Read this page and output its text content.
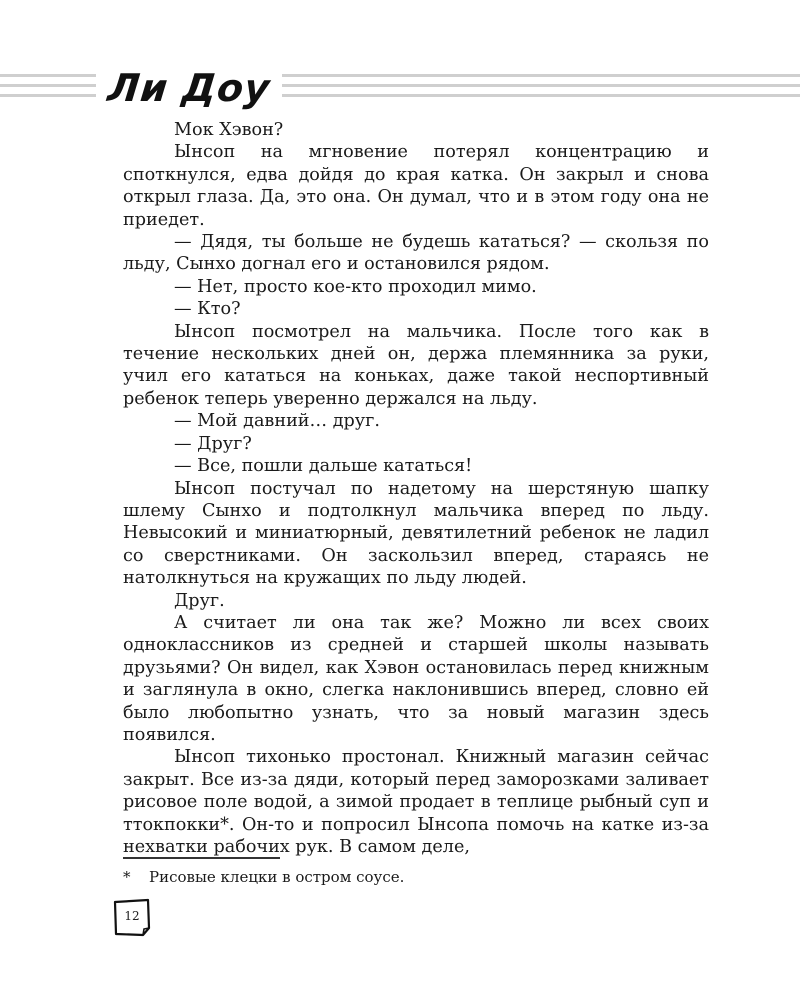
Ли Доу

Мок Хэвон?

Ынсоп на мгновение потерял концентрацию и споткнулся, едва дойдя до края катка. Он закрыл и снова открыл глаза. Да, это она. Он думал, что и в этом году она не приедет.

— Дядя, ты больше не будешь кататься? — скользя по льду, Сынхо догнал его и остановился рядом.

— Нет, просто кое-кто проходил мимо.

— Кто?

Ынсоп посмотрел на мальчика. После того как в течение нескольких дней он, держа племянника за руки, учил его кататься на коньках, даже такой неспортивный ребенок теперь уверенно держался на льду.

— Мой давний… друг.

— Друг?

— Все, пошли дальше кататься!

Ынсоп постучал по надетому на шерстяную шапку шлему Сынхо и подтолкнул мальчика вперед по льду. Невысокий и миниатюрный, девятилетний ребенок не ладил со сверстниками. Он заскользил вперед, стараясь не натолкнуться на кружащих по льду людей.

Друг.

А считает ли она так же? Можно ли всех своих одноклассников из средней и старшей школы называть друзьями? Он видел, как Хэвон остановилась перед книжным и заглянула в окно, слегка наклонившись вперед, словно ей было любопытно узнать, что за новый магазин здесь появился.

Ынсоп тихонько простонал. Книжный магазин сейчас закрыт. Все из-за дяди, который перед заморозками заливает рисовое поле водой, а зимой продает в теплице рыбный суп и ттокпокки*. Он-то и попросил Ынсопа помочь на катке из-за нехватки рабочих рук. В самом деле,

* Рисовые клецки в остром соусе.
12
